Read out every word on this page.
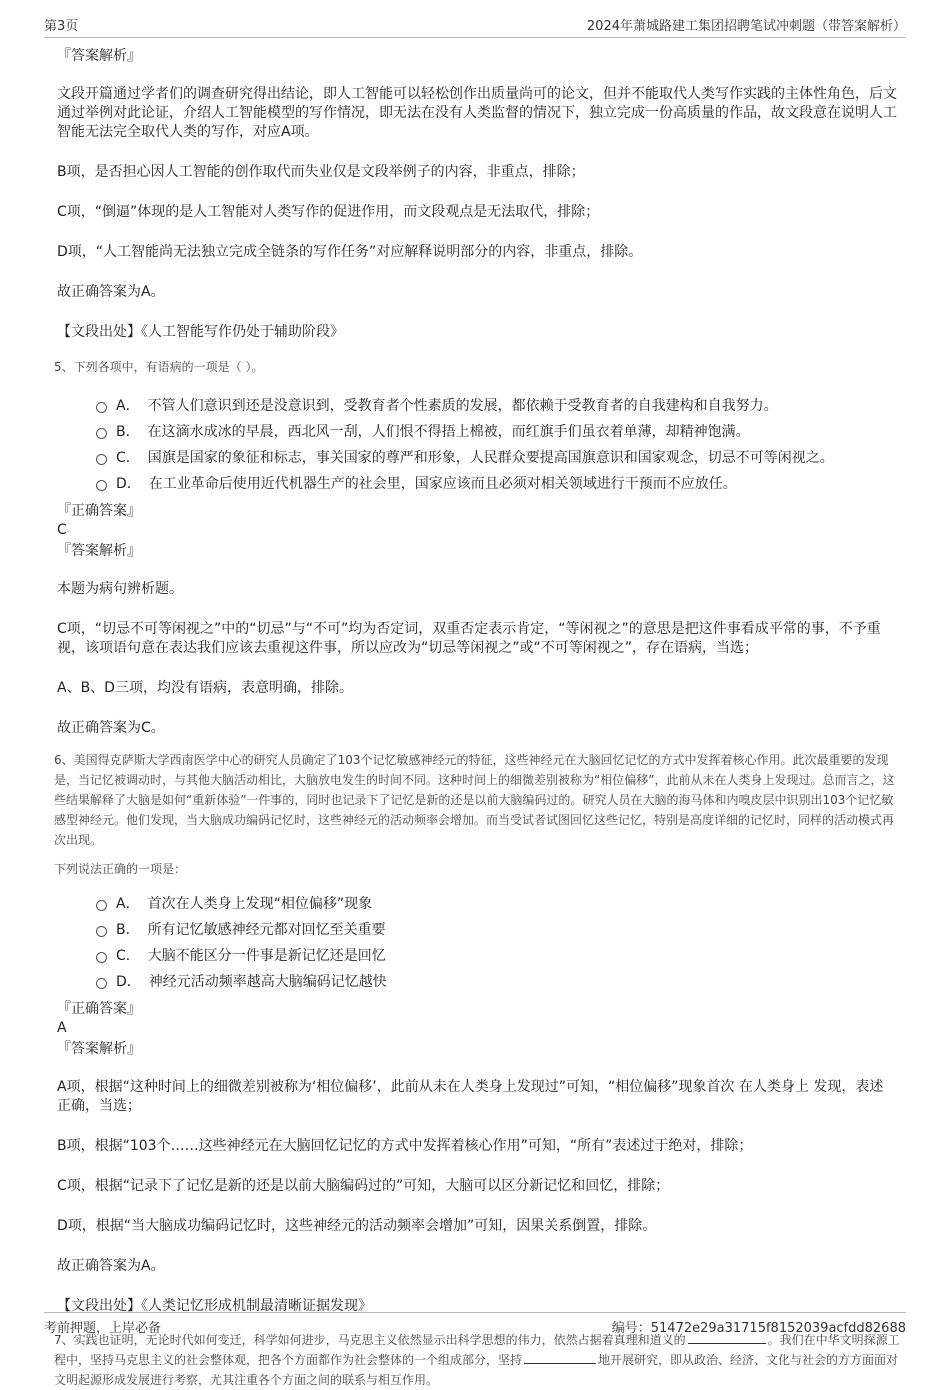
第3页	2024年萧城路建工集团招聘笔试冲刺题（带答案解析）
『答案解析』
文段开篇通过学者们的调查研究得出结论，即人工智能可以轻松创作出质量尚可的论文，但并不能取代人类写作实践的主体性角色，后文通过举例对此论证，介绍人工智能模型的写作情况，即无法在没有人类监督的情况下，独立完成一份高质量的作品，故文段意在说明人工智能无法完全取代人类的写作，对应A项。
B项，是否担心因人工智能的创作取代而失业仅是文段举例子的内容，非重点，排除；
C项，“倒逼”体现的是人工智能对人类写作的促进作用，而文段观点是无法取代，排除；
D项，“人工智能尚无法独立完成全链条的写作任务”对应解释说明部分的内容，非重点，排除。
故正确答案为A。
【文段出处】《人工智能写作仍处于辅助阶段》
5、下列各项中，有语病的一项是（ ）。
A． 不管人们意识到还是没意识到，受教育者个性素质的发展，都依赖于受教育者的自我建构和自我努力。
B． 在这滴水成冰的早晨，西北风一刮，人们恨不得捂上棉被，而红旗手们虽衣着单薄，却精神饱满。
C． 国旗是国家的象征和标志，事关国家的尊严和形象，人民群众要提高国旗意识和国家观念，切忌不可等闲视之。
D． 在工业革命后使用近代机器生产的社会里，国家应该而且必须对相关领域进行干预而不应放任。
『正确答案』
C
『答案解析』
本题为病句辨析题。
C项，“切忌不可等闲视之”中的“切忌”与“不可”均为否定词，双重否定表示肯定，“等闲视之”的意思是把这件事看成平常的事，不予重视，该项语句意在表达我们应该去重视这件事，所以应改为“切忌等闲视之”或“不可等闲视之”，存在语病，当选；
A、B、D三项，均没有语病，表意明确，排除。
故正确答案为C。
6、美国得克萨斯大学西南医学中心的研究人员确定了103个记忆敏感神经元的特征，这些神经元在大脑回忆记忆的方式中发挥着核心作用。此次最重要的发现是，当记忆被调动时，与其他大脑活动相比，大脑放电发生的时间不同。这种时间上的细微差别被称为“相位偏移”，此前从未在人类身上发现过。总而言之，这些结果解释了大脑是如何“重新体验”一件事的，同时也记录下了记忆是新的还是以前大脑编码过的。研究人员在大脑的海马体和内嗅皮层中识别出103个记忆敏感型神经元。他们发现，当大脑成功编码记忆时，这些神经元的活动频率会增加。而当受试者试图回忆这些记忆，特别是高度详细的记忆时，同样的活动模式再次出现。
下列说法正确的一项是：
A． 首次在人类身上发现“相位偏移”现象
B． 所有记忆敏感神经元都对回忆至关重要
C． 大脑不能区分一件事是新记忆还是回忆
D． 神经元活动频率越高大脑编码记忆越快
『正确答案』
A
『答案解析』
A项，根据“这种时间上的细微差别被称为‘相位偏移’，此前从未在人类身上发现过”可知，“相位偏移”现象首次 在人类身上 发现，表述正确，当选；
B项，根据“103个……这些神经元在大脑回忆记忆的方式中发挥着核心作用”可知，“所有”表述过于绝对，排除；
C项，根据“记录下了记忆是新的还是以前大脑编码过的”可知，大脑可以区分新记忆和回忆，排除；
D项，根据“当大脑成功编码记忆时，这些神经元的活动频率会增加”可知，因果关系倒置，排除。
故正确答案为A。
【文段出处】《人类记忆形成机制最清晰证据发现》
7、实践也证明，无论时代如何变迁，科学如何进步，马克思主义依然显示出科学思想的伟力，依然占据着真理和道义的	。我们在中华文明探源工程中，坚持马克思主义的社会整体观，把各个方面都作为社会整体的一个组成部分，坚持	地开展研究，即从政治、经济、文化与社会的方方面面对文明起源形成发展进行考察，尤其注重各个方面之间的联系与相互作用。
考前押题，上岸必备	编号：51472e29a31715f8152039acfdd82688
